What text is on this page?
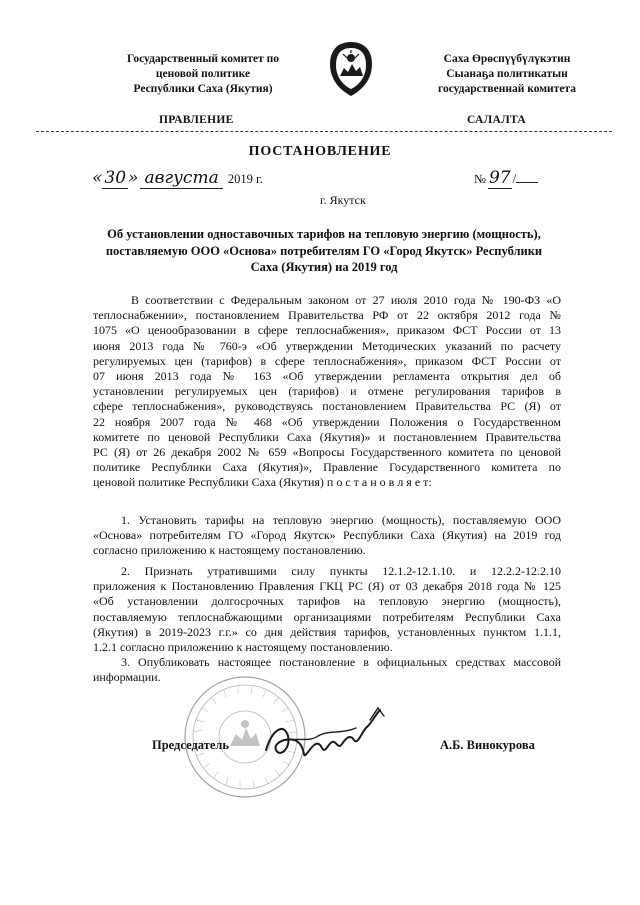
Государственный комитет по
ценовой политике
Республики Саха (Якутия)
Саха Өрөспүүбүлүкэтин
Сыанаҕа политикатын
государственнай комитета
ПРАВЛЕНИЕ	САЛАЛТА
ПОСТАНОВЛЕНИЕ
« 30 » августа 2019 г.	№ 97 /
г. Якутск
Об установлении одноставочных тарифов на тепловую энергию (мощность),
поставляемую ООО «Основа» потребителям ГО «Город Якутск» Республики
Саха (Якутия) на 2019 год
В соответствии с Федеральным законом от 27 июля 2010 года № 190-ФЗ «О
теплоснабжении», постановлением Правительства РФ от 22 октября 2012 года №
1075 «О ценообразовании в сфере теплоснабжения», приказом ФСТ России от 13
июня 2013 года № 760-э «Об утверждении Методических указаний по расчету
регулируемых цен (тарифов) в сфере теплоснабжения», приказом ФСТ России от
07 июня 2013 года № 163 «Об утверждении регламента открытия дел об
установлении регулируемых цен (тарифов) и отмене регулирования тарифов в
сфере теплоснабжения», руководствуясь постановлением Правительства РС (Я) от
22 ноября 2007 года № 468 «Об утверждении Положения о Государственном
комитете по ценовой Республики Саха (Якутия)» и постановлением Правительства
РС (Я) от 26 декабря 2002 № 659 «Вопросы Государственного комитета по ценовой
политике Республики Саха (Якутия)», Правление Государственного комитета по
ценовой политике Республики Саха (Якутия) п о с т а н о в л я е т:
1. Установить тарифы на тепловую энергию (мощность), поставляемую ООО
«Основа» потребителям ГО «Город Якутск» Республики Саха (Якутия) на 2019 год
согласно приложению к настоящему постановлению.
2. Признать утратившими силу пункты 12.1.2-12.1.10. и 12.2.2-12.2.10
приложения к Постановлению Правления ГКЦ РС (Я) от 03 декабря 2018 года № 125
«Об установлении долгосрочных тарифов на тепловую энергию (мощность),
поставляемую теплоснабжающими организациями потребителям Республики Саха
(Якутия) в 2019-2023 г.г.» со дня действия тарифов, установленных пунктом 1.1.1,
1.2.1 согласно приложению к настоящему постановлению.
3. Опубликовать настоящее постановление в официальных средствах массовой
информации.
Председатель	А.Б. Винокурова
